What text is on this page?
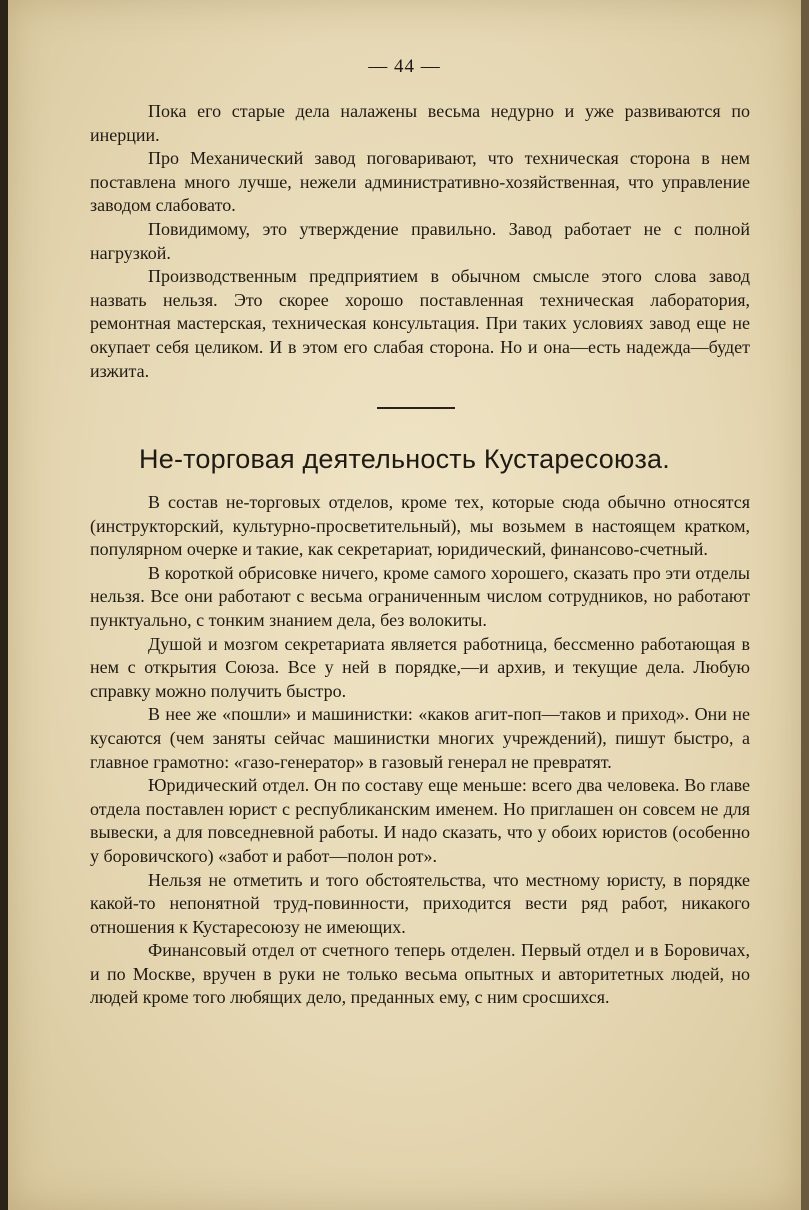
— 44 —

Пока его старые дела налажены весьма недурно и уже развиваются по инерции.

Про Механический завод поговаривают, что техническая сторона в нем поставлена много лучше, нежели административно-хозяйственная, что управление заводом слабовато.

Повидимому, это утверждение правильно. Завод работает не с полной нагрузкой.

Производственным предприятием в обычном смысле этого слова завод назвать нельзя. Это скорее хорошо поставленная техническая лаборатория, ремонтная мастерская, техническая консультация. При таких условиях завод еще не окупает себя целиком. И в этом его слабая сторона. Но и она—есть надежда—будет изжита.

Не-торговая деятельность Кустаресоюза.

В состав не-торговых отделов, кроме тех, которые сюда обычно относятся (инструкторский, культурно-просветительный), мы возьмем в настоящем кратком, популярном очерке и такие, как секретариат, юридический, финансово-счетный.

В короткой обрисовке ничего, кроме самого хорошего, сказать про эти отделы нельзя. Все они работают с весьма ограниченным числом сотрудников, но работают пунктуально, с тонким знанием дела, без волокиты.

Душой и мозгом секретариата является работница, бессменно работающая в нем с открытия Союза. Все у ней в порядке,—и архив, и текущие дела. Любую справку можно получить быстро.

В нее же «пошли» и машинистки: «каков агит-поп—таков и приход». Они не кусаются (чем заняты сейчас машинистки многих учреждений), пишут быстро, а главное грамотно: «газо-генератор» в газовый генерал не превратят.

Юридический отдел. Он по составу еще меньше: всего два человека. Во главе отдела поставлен юрист с республиканским именем. Но приглашен он совсем не для вывески, а для повседневной работы. И надо сказать, что у обоих юристов (особенно у боровичского) «забот и работ—полон рот».

Нельзя не отметить и того обстоятельства, что местному юристу, в порядке какой-то непонятной труд-повинности, приходится вести ряд работ, никакого отношения к Кустаресоюзу не имеющих.

Финансовый отдел от счетного теперь отделен. Первый отдел и в Боровичах, и по Москве, вручен в руки не только весьма опытных и авторитетных людей, но людей кроме того любящих дело, преданных ему, с ним сросшихся.
